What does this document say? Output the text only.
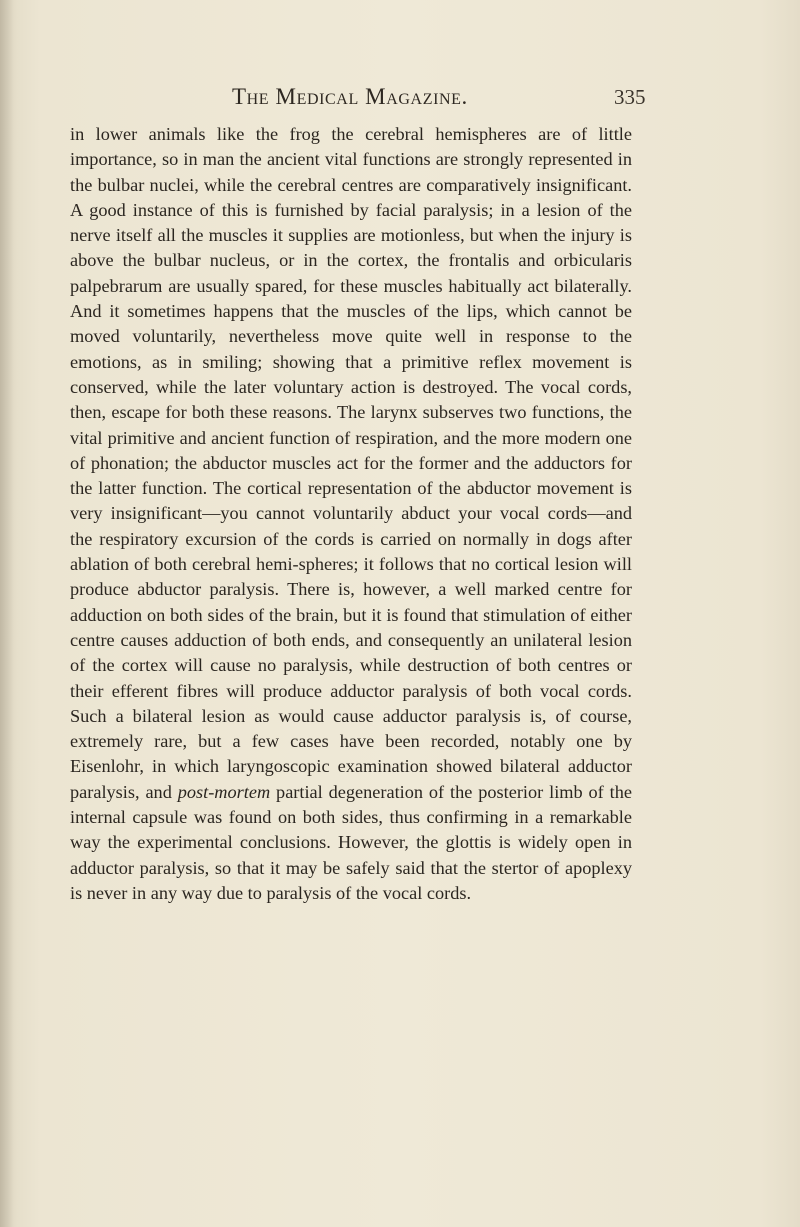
The Medical Magazine.	335

in lower animals like the frog the cerebral hemispheres are of little importance, so in man the ancient vital functions are strongly represented in the bulbar nuclei, while the cerebral centres are comparatively insignificant. A good instance of this is furnished by facial paralysis; in a lesion of the nerve itself all the muscles it supplies are motionless, but when the injury is above the bulbar nucleus, or in the cortex, the frontalis and orbicularis palpebrarum are usually spared, for these muscles habitually act bilaterally. And it sometimes happens that the muscles of the lips, which cannot be moved voluntarily, nevertheless move quite well in response to the emotions, as in smiling; showing that a primitive reflex movement is conserved, while the later voluntary action is destroyed. The vocal cords, then, escape for both these reasons. The larynx subserves two functions, the vital primitive and ancient function of respiration, and the more modern one of phonation; the abductor muscles act for the former and the adductors for the latter function. The cortical representation of the abductor movement is very insignificant—you cannot voluntarily abduct your vocal cords—and the respiratory excursion of the cords is carried on normally in dogs after ablation of both cerebral hemi-spheres; it follows that no cortical lesion will produce abductor paralysis. There is, however, a well marked centre for adduction on both sides of the brain, but it is found that stimulation of either centre causes adduction of both ends, and consequently an unilateral lesion of the cortex will cause no paralysis, while destruction of both centres or their efferent fibres will produce adductor paralysis of both vocal cords. Such a bilateral lesion as would cause adductor paralysis is, of course, extremely rare, but a few cases have been recorded, notably one by Eisenlohr, in which laryngoscopic examination showed bilateral adductor paralysis, and post-mortem partial degeneration of the posterior limb of the internal capsule was found on both sides, thus confirming in a remarkable way the experimental conclusions. However, the glottis is widely open in adductor paralysis, so that it may be safely said that the stertor of apoplexy is never in any way due to paralysis of the vocal cords.
